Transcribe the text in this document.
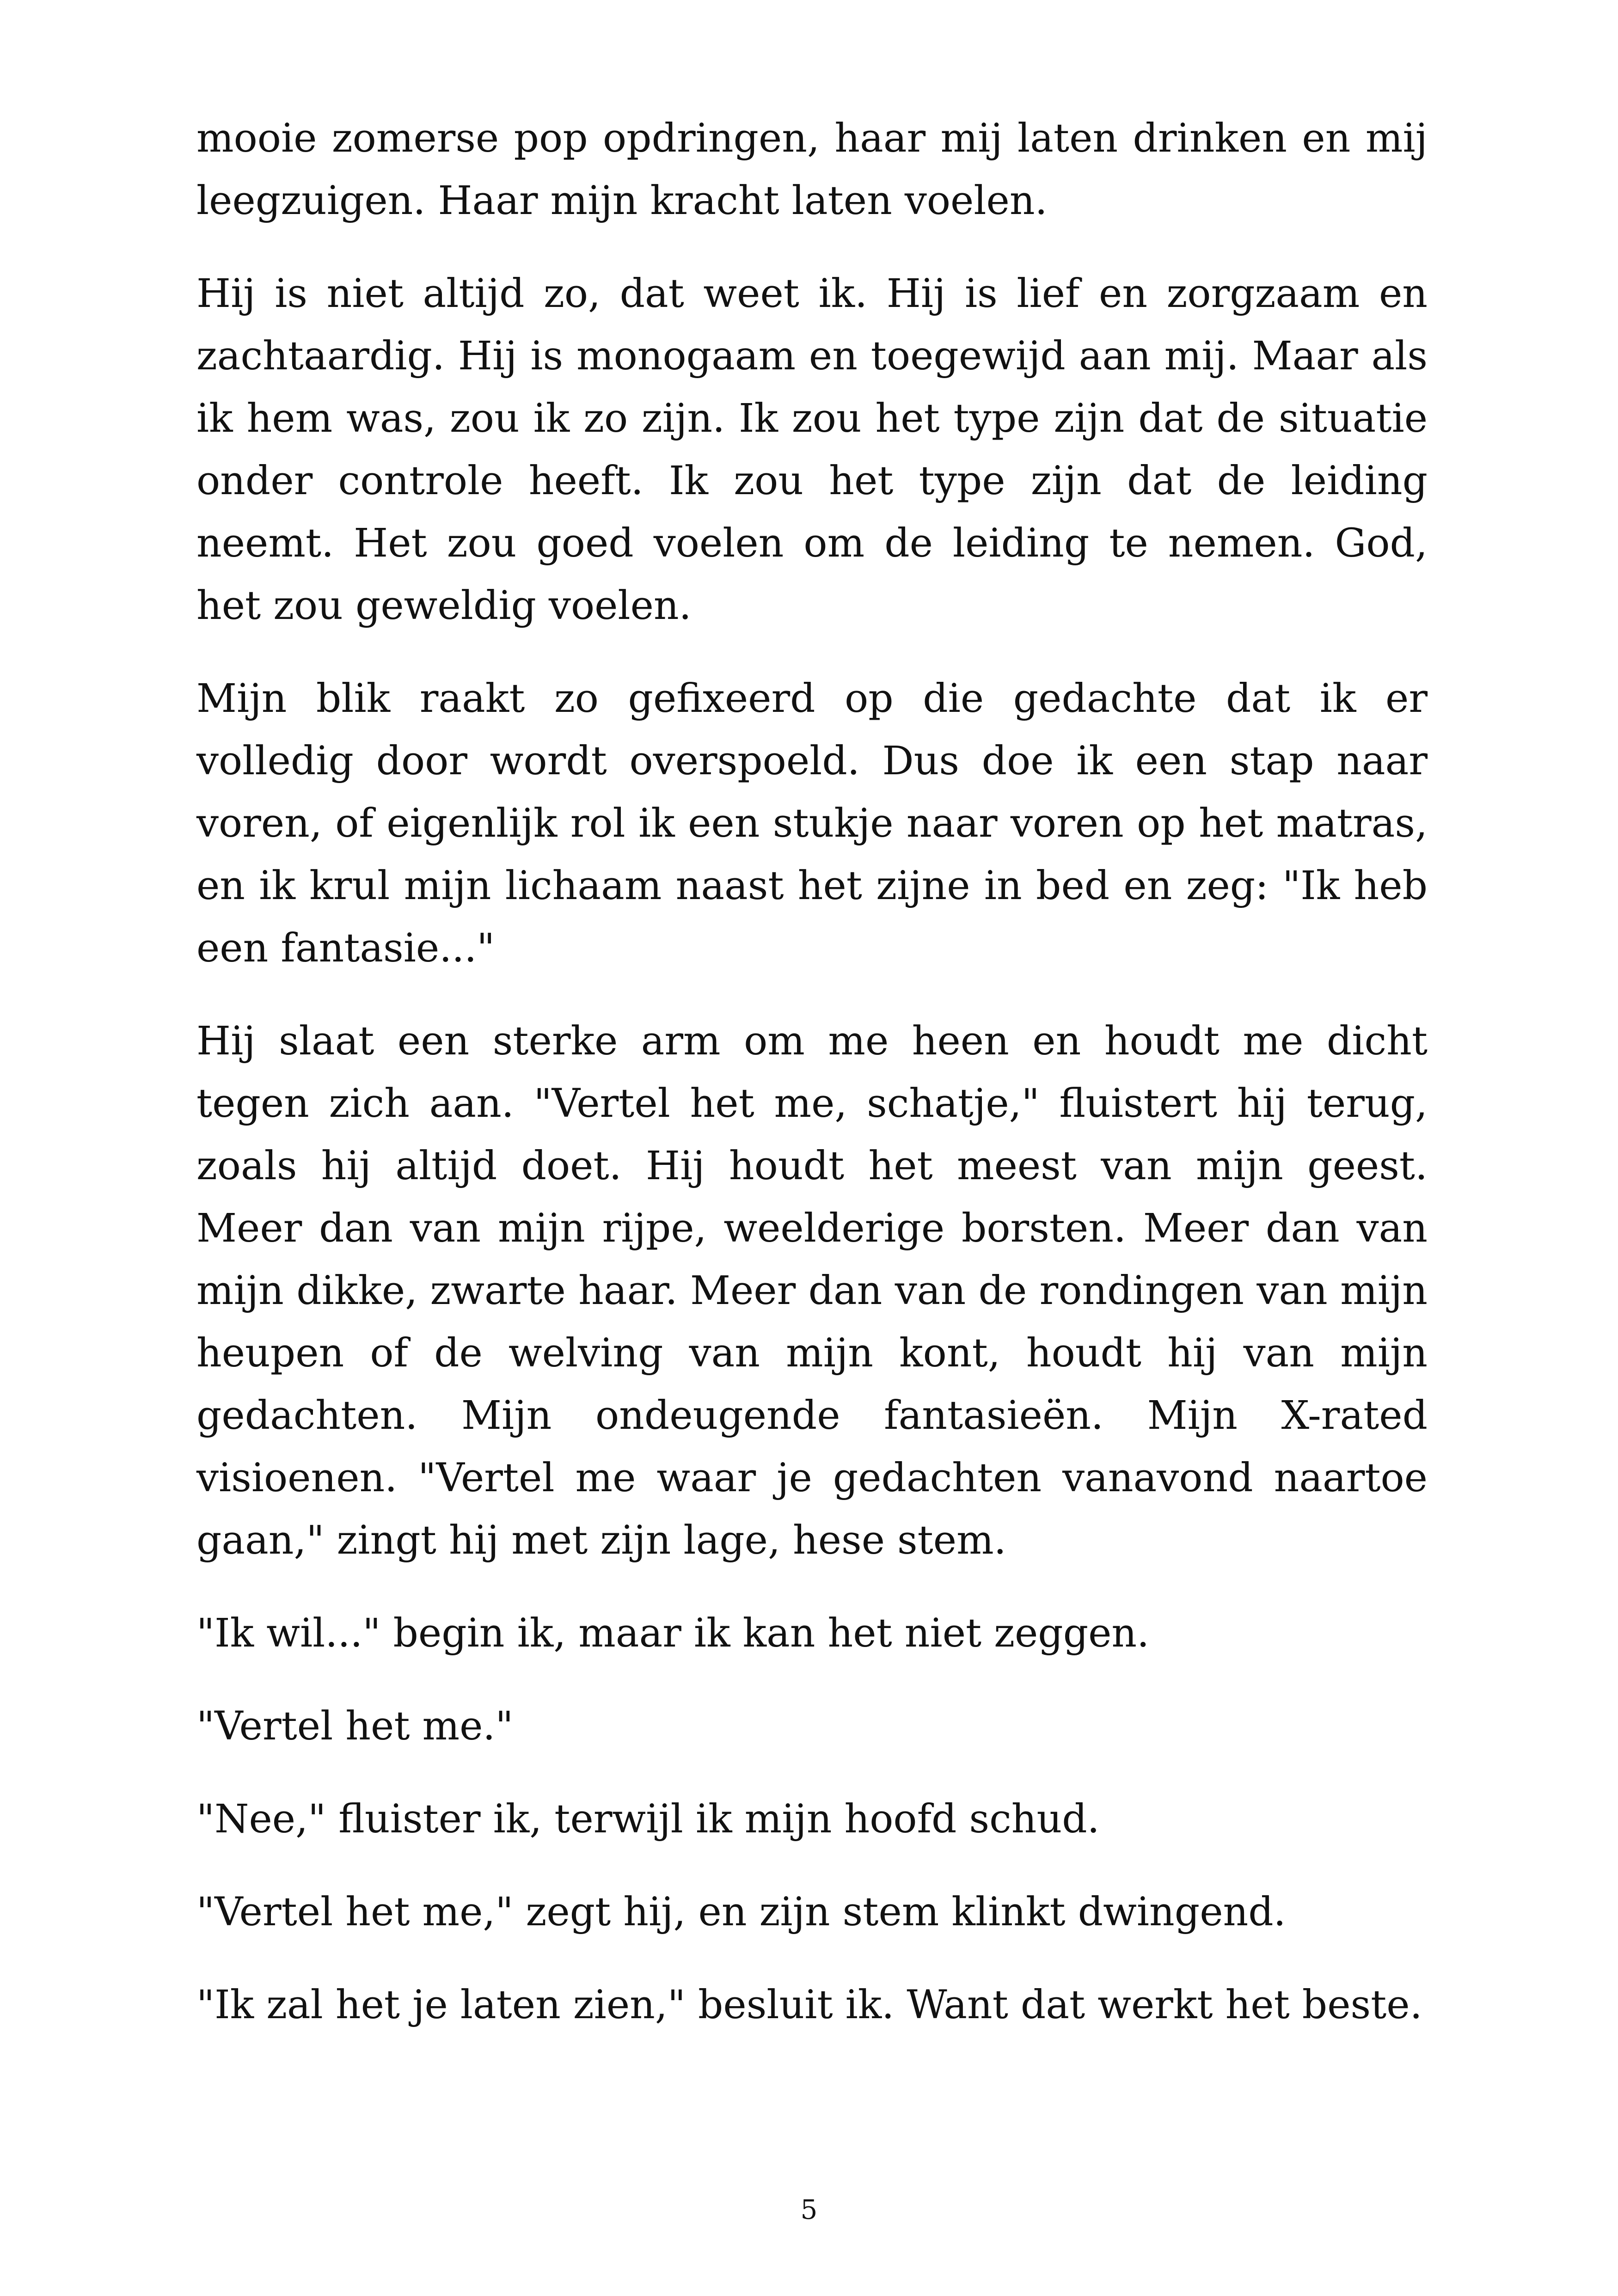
mooie zomerse pop opdringen, haar mij laten drinken en mij leegzuigen. Haar mijn kracht laten voelen.

Hij is niet altijd zo, dat weet ik. Hij is lief en zorgzaam en zachtaardig. Hij is monogaam en toegewijd aan mij. Maar als ik hem was, zou ik zo zijn. Ik zou het type zijn dat de situatie onder controle heeft. Ik zou het type zijn dat de leiding neemt. Het zou goed voelen om de leiding te nemen. God, het zou geweldig voelen.

Mijn blik raakt zo gefixeerd op die gedachte dat ik er volledig door wordt overspoeld. Dus doe ik een stap naar voren, of eigenlijk rol ik een stukje naar voren op het matras, en ik krul mijn lichaam naast het zijne in bed en zeg: "Ik heb een fantasie..."

Hij slaat een sterke arm om me heen en houdt me dicht tegen zich aan. "Vertel het me, schatje," fluistert hij terug, zoals hij altijd doet. Hij houdt het meest van mijn geest. Meer dan van mijn rijpe, weelderige borsten. Meer dan van mijn dikke, zwarte haar. Meer dan van de rondingen van mijn heupen of de welving van mijn kont, houdt hij van mijn gedachten. Mijn ondeugende fantasieën. Mijn X-rated visioenen. "Vertel me waar je gedachten vanavond naartoe gaan," zingt hij met zijn lage, hese stem.

"Ik wil..." begin ik, maar ik kan het niet zeggen.

"Vertel het me."

"Nee," fluister ik, terwijl ik mijn hoofd schud.

"Vertel het me," zegt hij, en zijn stem klinkt dwingend.

"Ik zal het je laten zien," besluit ik. Want dat werkt het beste.

5
